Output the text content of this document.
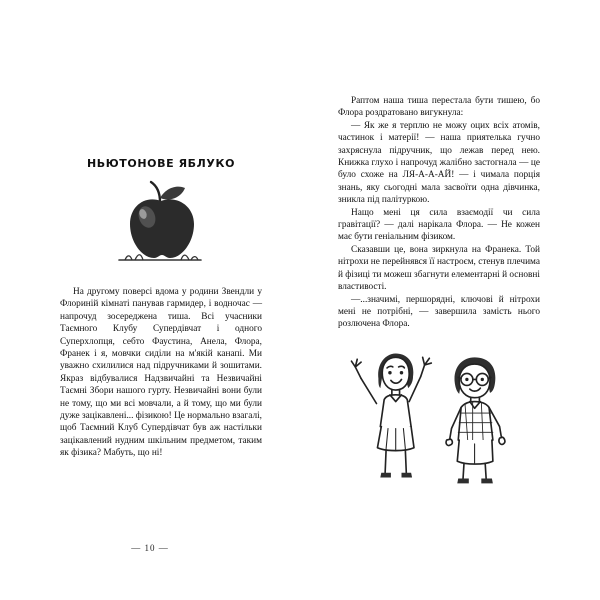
НЬЮТОНОВЕ ЯБЛУКО

На другому поверсі вдома у родини Звендли у Флориній кімнаті панував гармидер, і водночас — напрочуд зосереджена тиша. Всі учасники Таємного Клубу Супердівчат і одного Суперхлопця, себто Фаустина, Анела, Флора, Франек і я, мовчки сиділи на м'якій канапі. Ми уважно схилилися над підручниками й зошитами. Якраз відбувалися Надзвичайні та Незвичайні Таємні Збори нашого гурту. Незвичайні вони були не тому, що ми всі мовчали, а й тому, що ми були дуже зацікавлені... фізикою! Це нормально взагалі, щоб Таємний Клуб Супердівчат був аж настільки зацікавлений нудним шкільним предметом, таким як фізика? Мабуть, що ні!

— 10 —

Раптом наша тиша перестала бути тишею, бо Флора роздратовано вигукнула:

— Як же я терплю не можу оцих всіх атомів, частинок і матерії! — наша приятелька гучно захряснула підручник, що лежав перед нею. Книжка глухо і напрочуд жалібно застогнала — це було схоже на ЛЯ-А-А-АЙ! — і чимала порція знань, яку сьогодні мала засвоїти одна дівчинка, зникла під палітуркою.

Нащо мені ця сила взаємодії чи сила гравітації? — далі нарікала Флора. — Не кожен має бути геніальним фізиком.

Сказавши це, вона зиркнула на Франека. Той нітрохи не перейнявся її настроєм, стенув плечима й фізиці ти можеш збагнути елементарні й основні властивості.

—...значимі, першорядні, ключові й нітрохи мені не потрібні, — завершила замість нього розлючена Флора.
